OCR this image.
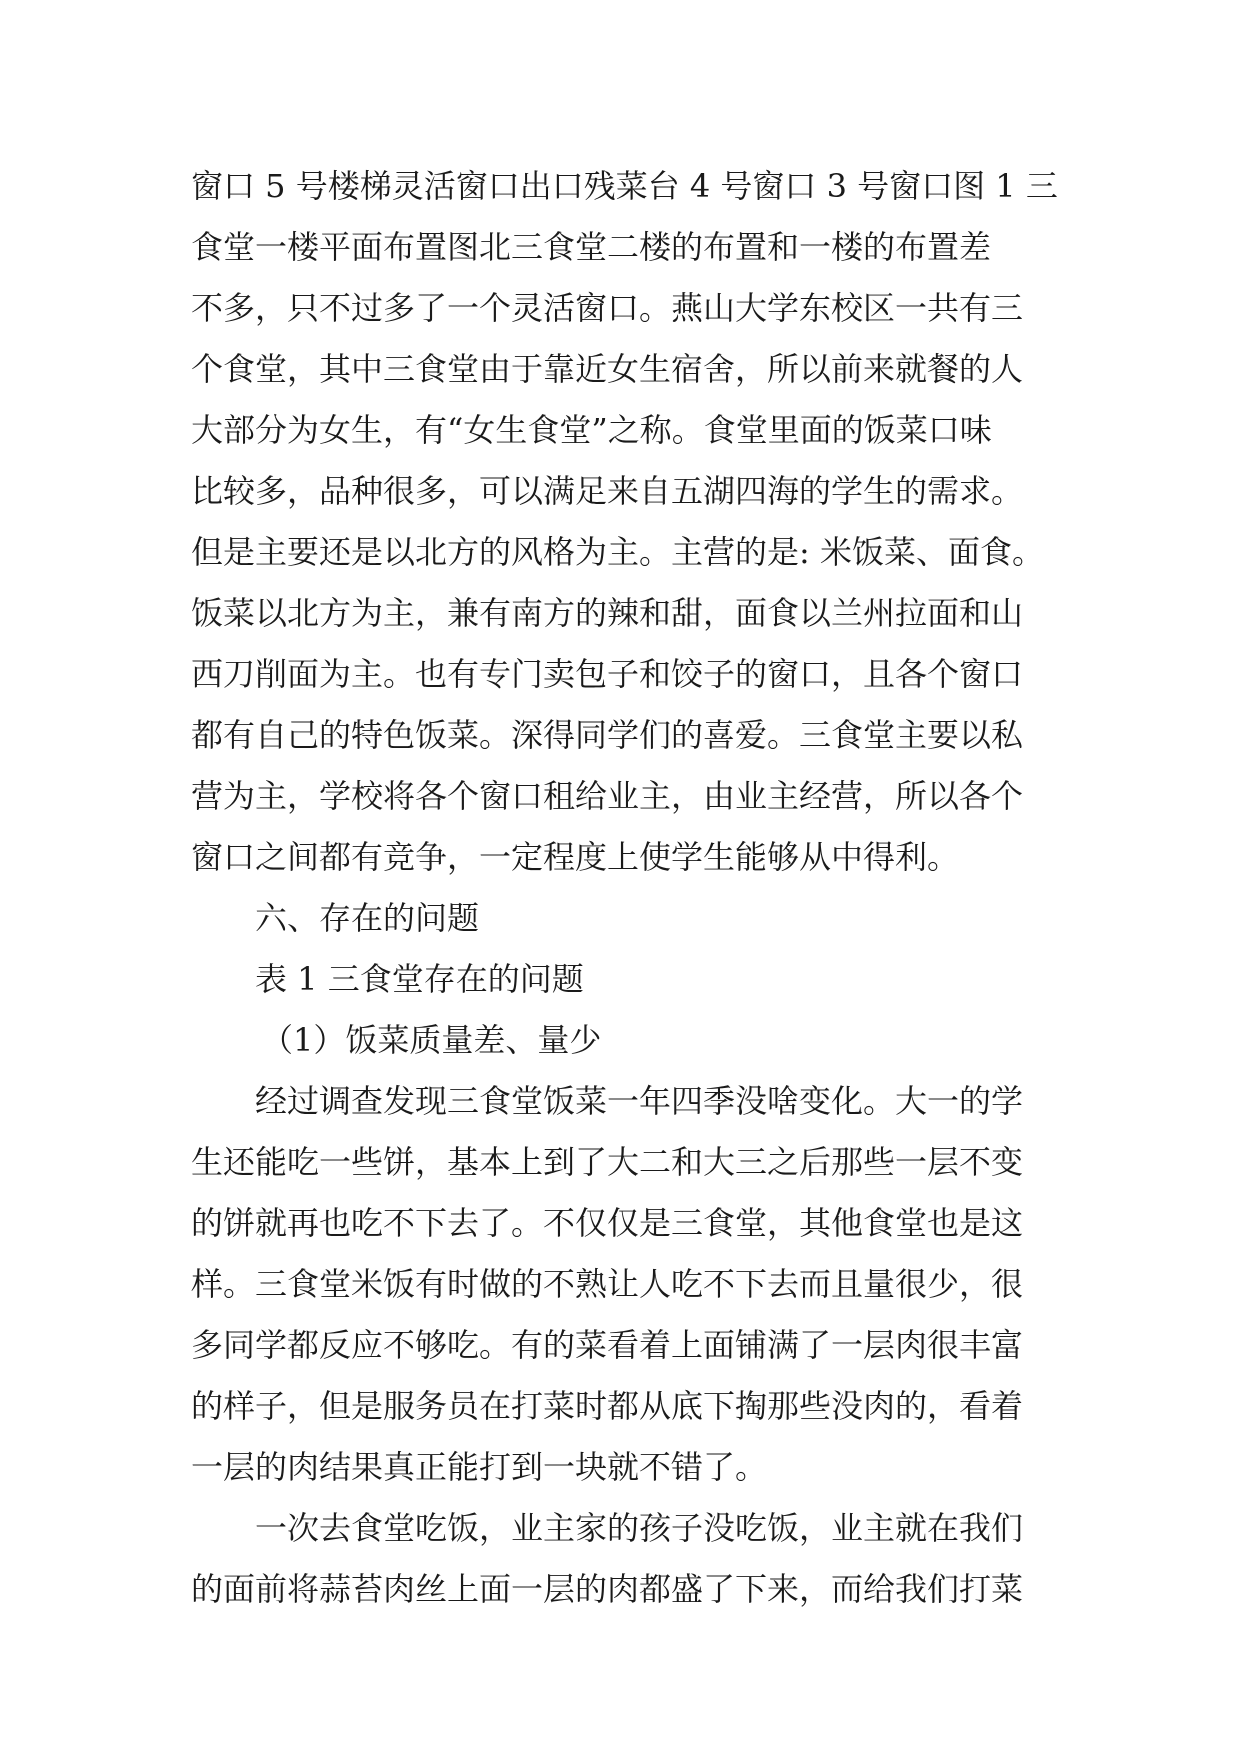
窗口 5 号楼梯灵活窗口出口残菜台 4 号窗口 3 号窗口图 1 三
食堂一楼平面布置图北三食堂二楼的布置和一楼的布置差
不多，只不过多了一个灵活窗口。燕山大学东校区一共有三
个食堂，其中三食堂由于靠近女生宿舍，所以前来就餐的人
大部分为女生，有“女生食堂”之称。食堂里面的饭菜口味
比较多，品种很多，可以满足来自五湖四海的学生的需求。
但是主要还是以北方的风格为主。主营的是: 米饭菜、面食。
饭菜以北方为主，兼有南方的辣和甜，面食以兰州拉面和山
西刀削面为主。也有专门卖包子和饺子的窗口，且各个窗口
都有自己的特色饭菜。深得同学们的喜爱。三食堂主要以私
营为主，学校将各个窗口租给业主，由业主经营，所以各个
窗口之间都有竞争，一定程度上使学生能够从中得利。
六、存在的问题
表 1 三食堂存在的问题
（1）饭菜质量差、量少
经过调查发现三食堂饭菜一年四季没啥变化。大一的学
生还能吃一些饼，基本上到了大二和大三之后那些一层不变
的饼就再也吃不下去了。不仅仅是三食堂，其他食堂也是这
样。三食堂米饭有时做的不熟让人吃不下去而且量很少，很
多同学都反应不够吃。有的菜看着上面铺满了一层肉很丰富
的样子，但是服务员在打菜时都从底下掏那些没肉的，看着
一层的肉结果真正能打到一块就不错了。
一次去食堂吃饭，业主家的孩子没吃饭，业主就在我们
的面前将蒜苔肉丝上面一层的肉都盛了下来，而给我们打菜
